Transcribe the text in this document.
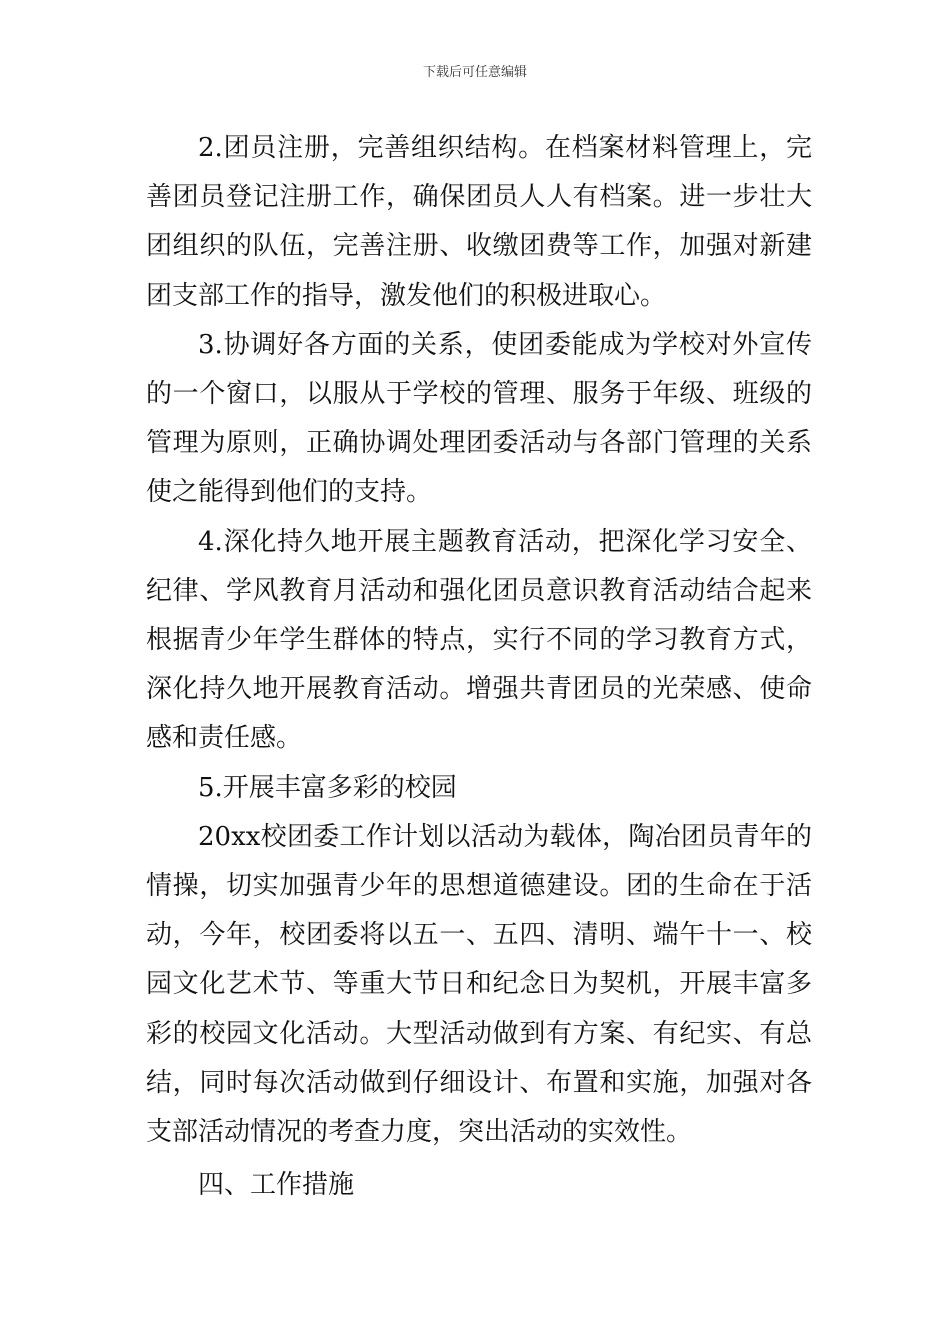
下载后可任意编辑

2.团员注册，完善组织结构。在档案材料管理上，完善团员登记注册工作，确保团员人人有档案。进一步壮大团组织的队伍，完善注册、收缴团费等工作，加强对新建团支部工作的指导，激发他们的积极进取心。

3.协调好各方面的关系，使团委能成为学校对外宣传的一个窗口，以服从于学校的管理、服务于年级、班级的管理为原则，正确协调处理团委活动与各部门管理的关系使之能得到他们的支持。

4.深化持久地开展主题教育活动，把深化学习安全、纪律、学风教育月活动和强化团员意识教育活动结合起来根据青少年学生群体的特点，实行不同的学习教育方式，深化持久地开展教育活动。增强共青团员的光荣感、使命感和责任感。

5.开展丰富多彩的校园

20xx校团委工作计划以活动为载体，陶冶团员青年的情操，切实加强青少年的思想道德建设。团的生命在于活动，今年，校团委将以五一、五四、清明、端午十一、校园文化艺术节、等重大节日和纪念日为契机，开展丰富多彩的校园文化活动。大型活动做到有方案、有纪实、有总结，同时每次活动做到仔细设计、布置和实施，加强对各支部活动情况的考查力度，突出活动的实效性。

四、工作措施
